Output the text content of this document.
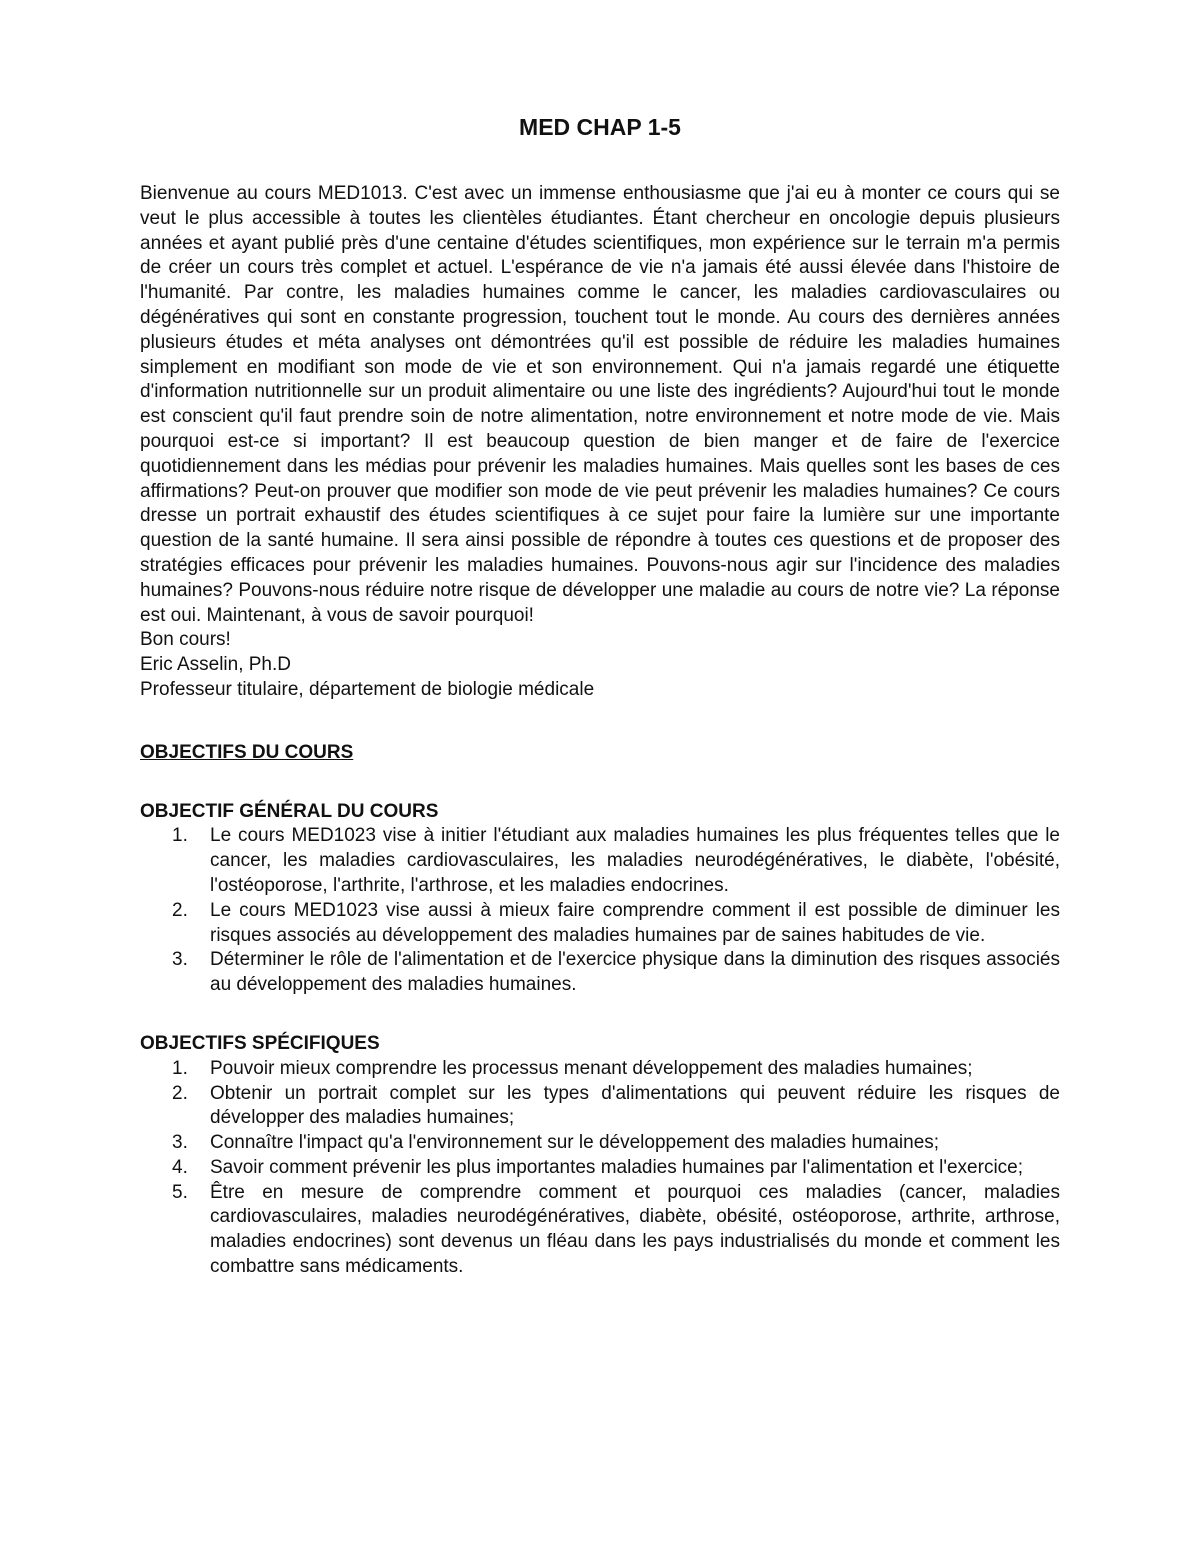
MED CHAP 1-5

Bienvenue au cours MED1013. C'est avec un immense enthousiasme que j'ai eu à monter ce cours qui se veut le plus accessible à toutes les clientèles étudiantes. Étant chercheur en oncologie depuis plusieurs années et ayant publié près d'une centaine d'études scientifiques, mon expérience sur le terrain m'a permis de créer un cours très complet et actuel. L'espérance de vie n'a jamais été aussi élevée dans l'histoire de l'humanité. Par contre, les maladies humaines comme le cancer, les maladies cardiovasculaires ou dégénératives qui sont en constante progression, touchent tout le monde. Au cours des dernières années plusieurs études et méta analyses ont démontrées qu'il est possible de réduire les maladies humaines simplement en modifiant son mode de vie et son environnement. Qui n'a jamais regardé une étiquette d'information nutritionnelle sur un produit alimentaire ou une liste des ingrédients? Aujourd'hui tout le monde est conscient qu'il faut prendre soin de notre alimentation, notre environnement et notre mode de vie. Mais pourquoi est-ce si important? Il est beaucoup question de bien manger et de faire de l'exercice quotidiennement dans les médias pour prévenir les maladies humaines. Mais quelles sont les bases de ces affirmations? Peut-on prouver que modifier son mode de vie peut prévenir les maladies humaines? Ce cours dresse un portrait exhaustif des études scientifiques à ce sujet pour faire la lumière sur une importante question de la santé humaine. Il sera ainsi possible de répondre à toutes ces questions et de proposer des stratégies efficaces pour prévenir les maladies humaines. Pouvons-nous agir sur l'incidence des maladies humaines? Pouvons-nous réduire notre risque de développer une maladie au cours de notre vie? La réponse est oui. Maintenant, à vous de savoir pourquoi!

Bon cours!

Eric Asselin, Ph.D

Professeur titulaire, département de biologie médicale

OBJECTIFS DU COURS
OBJECTIF GÉNÉRAL DU COURS
1. Le cours MED1023 vise à initier l'étudiant aux maladies humaines les plus fréquentes telles que le cancer, les maladies cardiovasculaires, les maladies neurodégénératives, le diabète, l'obésité, l'ostéoporose, l'arthrite, l'arthrose, et les maladies endocrines.
2. Le cours MED1023 vise aussi à mieux faire comprendre comment il est possible de diminuer les risques associés au développement des maladies humaines par de saines habitudes de vie.
3. Déterminer le rôle de l'alimentation et de l'exercice physique dans la diminution des risques associés au développement des maladies humaines.
OBJECTIFS SPÉCIFIQUES
1. Pouvoir mieux comprendre les processus menant développement des maladies humaines;
2. Obtenir un portrait complet sur les types d'alimentations qui peuvent réduire les risques de développer des maladies humaines;
3. Connaître l'impact qu'a l'environnement sur le développement des maladies humaines;
4. Savoir comment prévenir les plus importantes maladies humaines par l'alimentation et l'exercice;
5. Être en mesure de comprendre comment et pourquoi ces maladies (cancer, maladies cardiovasculaires, maladies neurodégénératives, diabète, obésité, ostéoporose, arthrite, arthrose, maladies endocrines) sont devenus un fléau dans les pays industrialisés du monde et comment les combattre sans médicaments.
